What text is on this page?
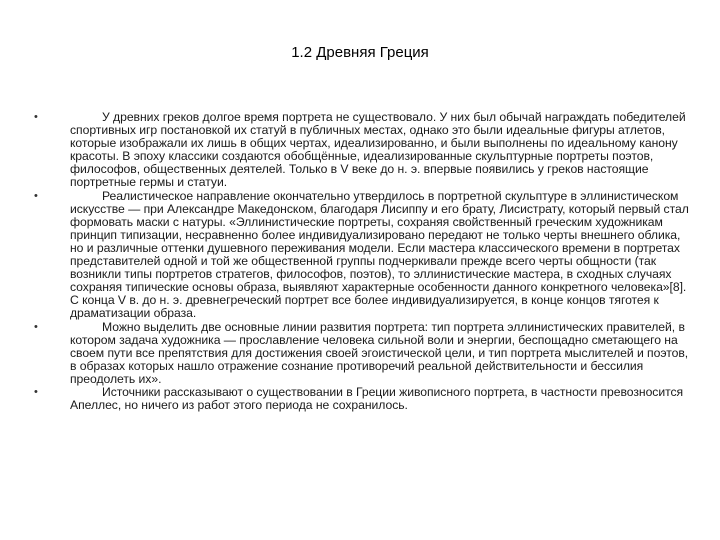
1.2 Древняя Греция
•	У древних греков долгое время портрета не существовало. У них был обычай награждать победителей спортивных игр постановкой их статуй в публичных местах, однако это были идеальные фигуры атлетов, которые изображали их лишь в общих чертах, идеализированно, и были выполнены по идеальному канону красоты. В эпоху классики создаются обобщённые, идеализированные скульптурные портреты поэтов, философов, общественных деятелей. Только в V веке до н. э. впервые появились у греков настоящие портретные гермы и статуи.
•	Реалистическое направление окончательно утвердилось в портретной скульптуре в эллинистическом искусстве — при Александре Македонском, благодаря Лисиппу и его брату, Лисистрату, который первый стал формовать маски с натуры. «Эллинистические портреты, сохраняя свойственный греческим художникам принцип типизации, несравненно более индивидуализировано передают не только черты внешнего облика, но и различные оттенки душевного переживания модели. Если мастера классического времени в портретах представителей одной и той же общественной группы подчеркивали прежде всего черты общности (так возникли типы портретов стратегов, философов, поэтов), то эллинистические мастера, в сходных случаях сохраняя типические основы образа, выявляют характерные особенности данного конкретного человека»[8]. С конца V в. до н. э. древнегреческий портрет все более индивидуализируется, в конце концов тяготея к драматизации образа.
•	Можно выделить две основные линии развития портрета: тип портрета эллинистических правителей, в котором задача художника — прославление человека сильной воли и энергии, беспощадно сметающего на своем пути все препятствия для достижения своей эгоистической цели, и тип портрета мыслителей и поэтов, в образах которых нашло отражение сознание противоречий реальной действительности и бессилия преодолеть их».
•	Источники рассказывают о существовании в Греции живописного портрета, в частности превозносится Апеллес, но ничего из работ этого периода не сохранилось.
